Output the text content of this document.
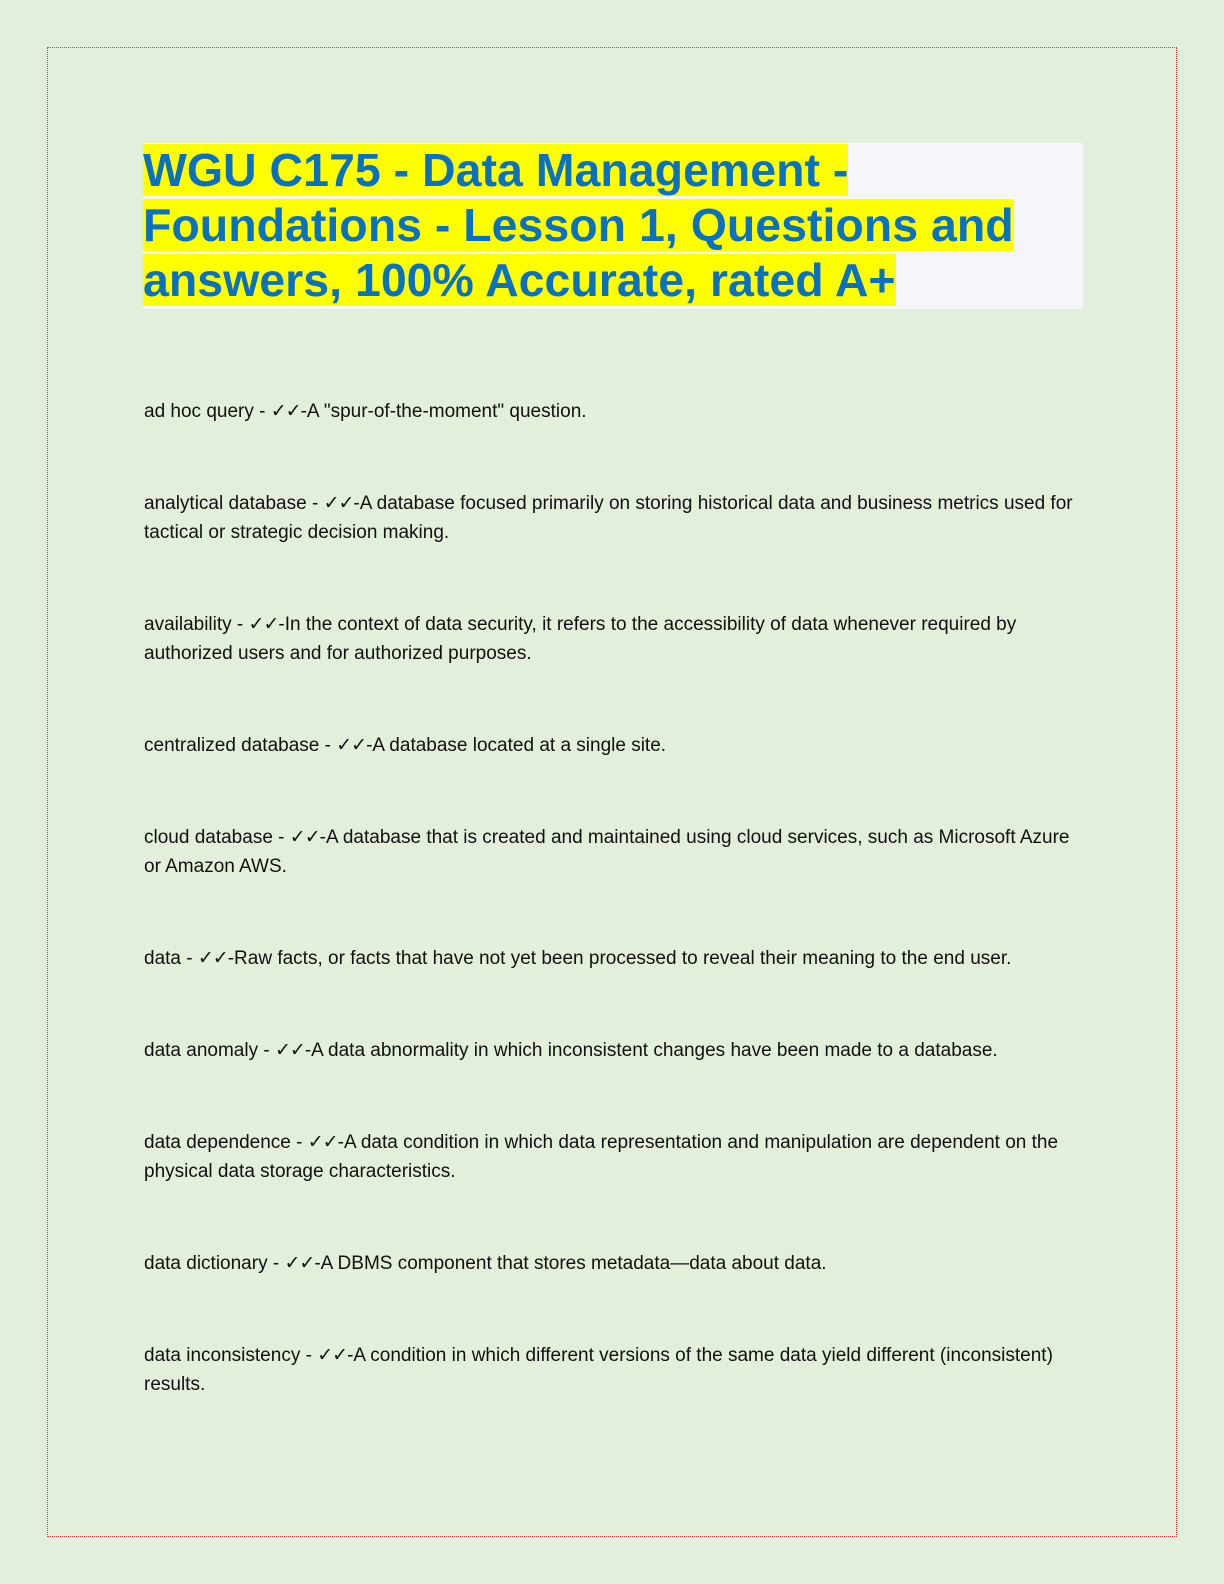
WGU C175 - Data Management - Foundations - Lesson 1, Questions and answers, 100% Accurate, rated A+

ad hoc query - ✓✓-A "spur-of-the-moment" question.

analytical database - ✓✓-A database focused primarily on storing historical data and business metrics used for tactical or strategic decision making.

availability - ✓✓-In the context of data security, it refers to the accessibility of data whenever required by authorized users and for authorized purposes.

centralized database - ✓✓-A database located at a single site.

cloud database - ✓✓-A database that is created and maintained using cloud services, such as Microsoft Azure or Amazon AWS.

data - ✓✓-Raw facts, or facts that have not yet been processed to reveal their meaning to the end user.

data anomaly - ✓✓-A data abnormality in which inconsistent changes have been made to a database.

data dependence - ✓✓-A data condition in which data representation and manipulation are dependent on the physical data storage characteristics.

data dictionary - ✓✓-A DBMS component that stores metadata—data about data.

data inconsistency - ✓✓-A condition in which different versions of the same data yield different (inconsistent) results.
